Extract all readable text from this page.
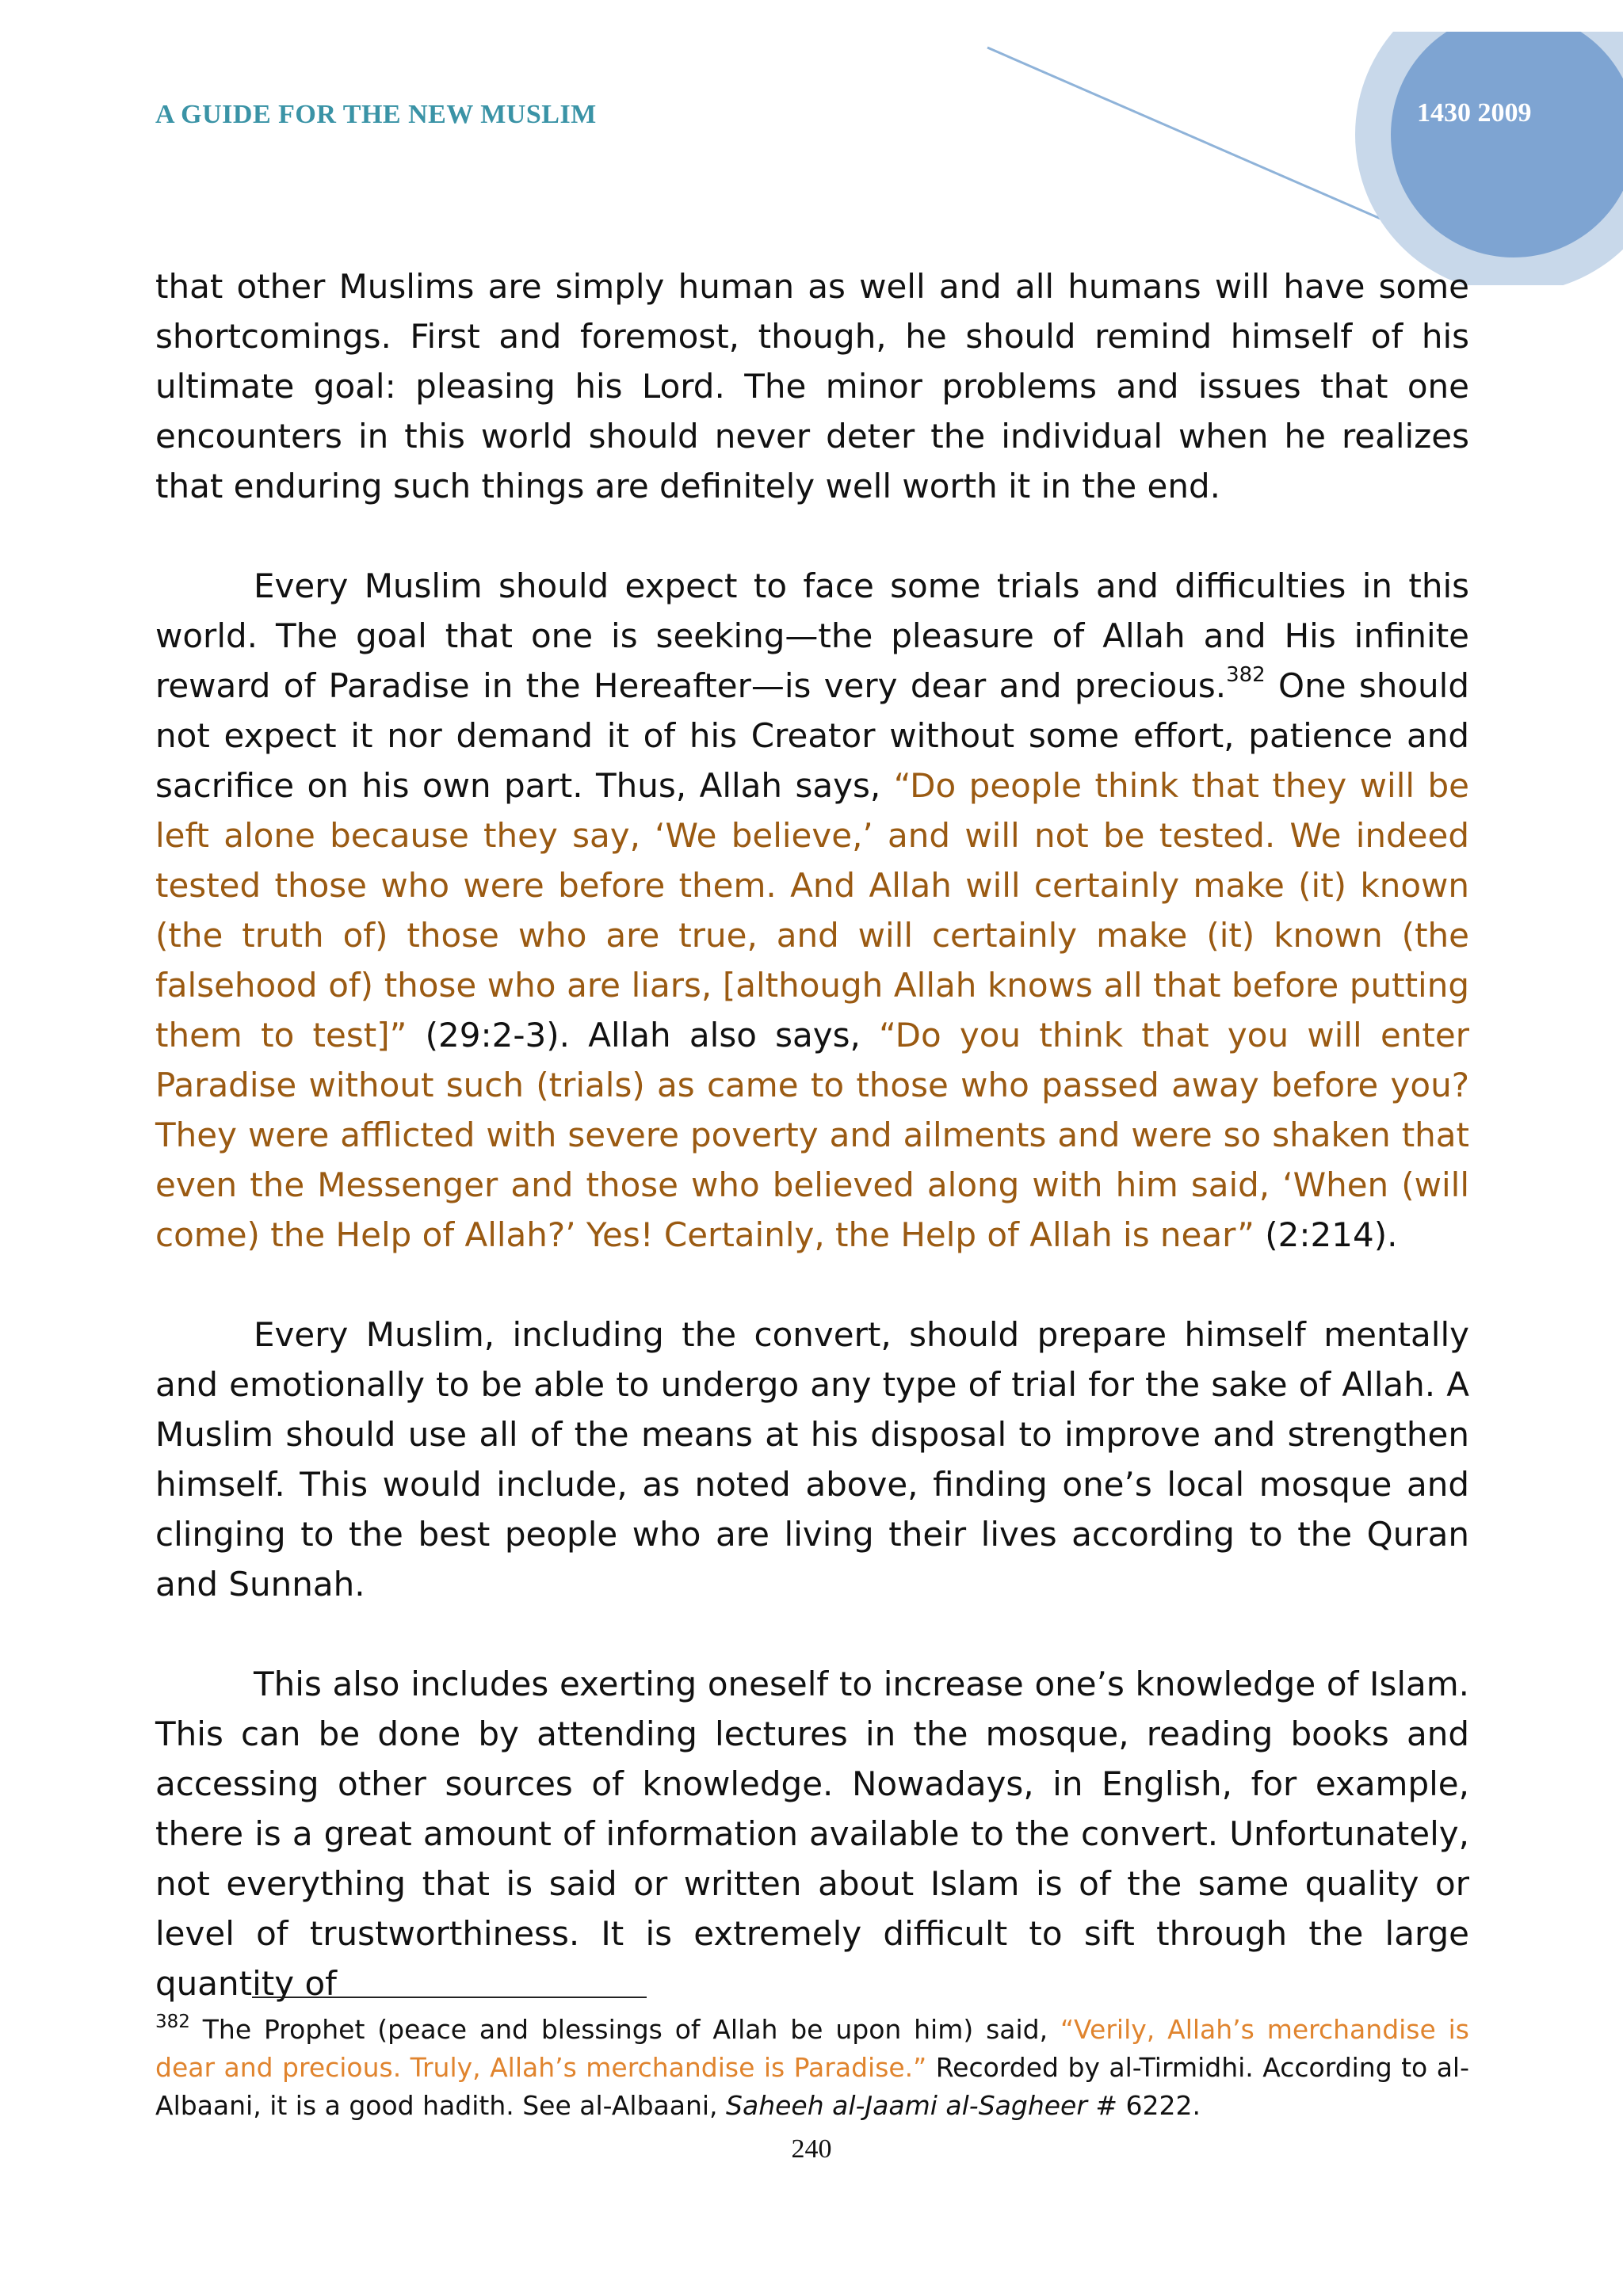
A GUIDE FOR THE NEW MUSLIM	1430 2009

that other Muslims are simply human as well and all humans will have some shortcomings. First and foremost, though, he should remind himself of his ultimate goal: pleasing his Lord. The minor problems and issues that one encounters in this world should never deter the individual when he realizes that enduring such things are definitely well worth it in the end.

Every Muslim should expect to face some trials and difficulties in this world. The goal that one is seeking—the pleasure of Allah and His infinite reward of Paradise in the Hereafter—is very dear and precious.$^{382}$ One should not expect it nor demand it of his Creator without some effort, patience and sacrifice on his own part. Thus, Allah says, “Do people think that they will be left alone because they say, ‘We believe,’ and will not be tested. We indeed tested those who were before them. And Allah will certainly make (it) known (the truth of) those who are true, and will certainly make (it) known (the falsehood of) those who are liars, [although Allah knows all that before putting them to test]” (29:2-3). Allah also says, “Do you think that you will enter Paradise without such (trials) as came to those who passed away before you? They were afflicted with severe poverty and ailments and were so shaken that even the Messenger and those who believed along with him said, ‘When (will come) the Help of Allah?’ Yes! Certainly, the Help of Allah is near” (2:214).

Every Muslim, including the convert, should prepare himself mentally and emotionally to be able to undergo any type of trial for the sake of Allah. A Muslim should use all of the means at his disposal to improve and strengthen himself. This would include, as noted above, finding one’s local mosque and clinging to the best people who are living their lives according to the Quran and Sunnah.

This also includes exerting oneself to increase one’s knowledge of Islam. This can be done by attending lectures in the mosque, reading books and accessing other sources of knowledge. Nowadays, in English, for example, there is a great amount of information available to the convert. Unfortunately, not everything that is said or written about Islam is of the same quality or level of trustworthiness. It is extremely difficult to sift through the large quantity of

$^{382}$ The Prophet (peace and blessings of Allah be upon him) said, “Verily, Allah’s merchandise is dear and precious. Truly, Allah’s merchandise is Paradise.” Recorded by al-Tirmidhi. According to al-Albaani, it is a good hadith. See al-Albaani, Saheeh al-Jaami al-Sagheer # 6222.
240
